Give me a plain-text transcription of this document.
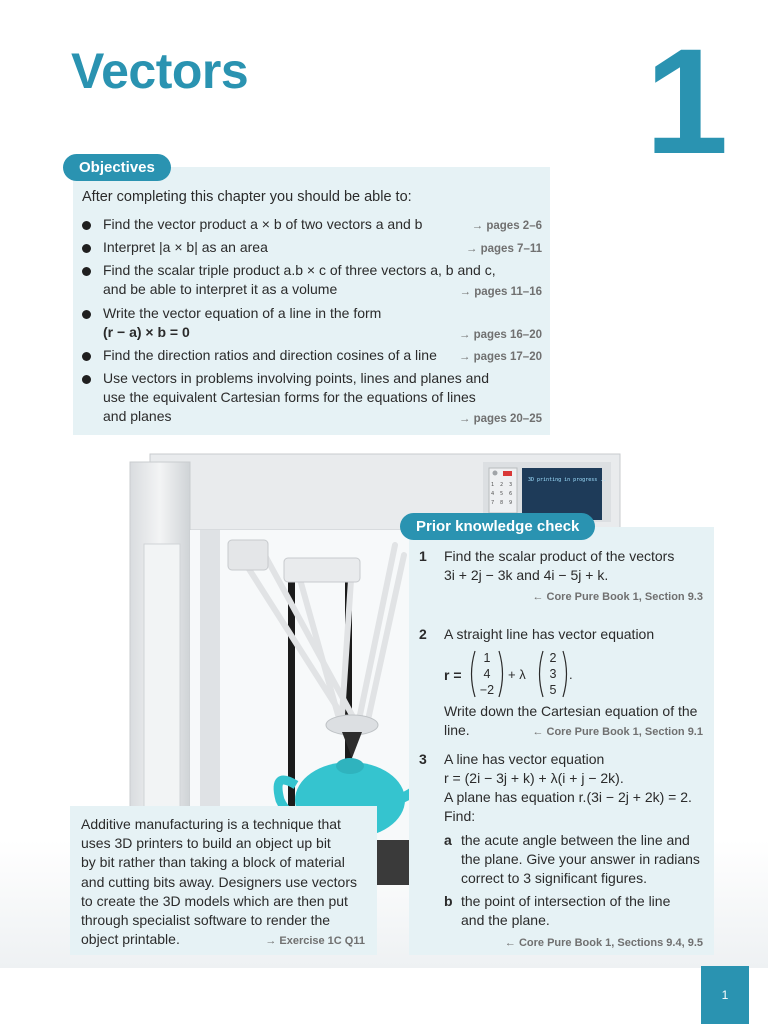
Vectors	1
Objectives
After completing this chapter you should be able to:
Find the vector product a × b of two vectors a and b	→ pages 2–6
Interpret |a × b| as an area	→ pages 7–11
Find the scalar triple product a.b × c of three vectors a, b and c,
and be able to interpret it as a volume	→ pages 11–16
Write the vector equation of a line in the form
(r − a) × b = 0	→ pages 16–20
Find the direction ratios and direction cosines of a line	→ pages 17–20
Use vectors in problems involving points, lines and planes and
use the equivalent Cartesian forms for the equations of lines
and planes	→ pages 20–25
3D printing in progress ..
1 2 3
4 5 6
7 8 9
Prior knowledge check
1 Find the scalar product of the vectors
3i + 2j − 3k and 4i − 5j + k.
← Core Pure Book 1, Section 9.3
2 A straight line has vector equation
r =
1
4
−2
+ λ
2
3
5
.
Write down the Cartesian equation of the
line.	← Core Pure Book 1, Section 9.1
3 A line has vector equation
r = (2i − 3j + k) + λ(i + j − 2k).
A plane has equation r.(3i − 2j + 2k) = 2.
Find:
a the acute angle between the line and
the plane. Give your answer in radians
correct to 3 significant figures.
b the point of intersection of the line
and the plane.
← Core Pure Book 1, Sections 9.4, 9.5
Additive manufacturing is a technique that
uses 3D printers to build an object up bit
by bit rather than taking a block of material
and cutting bits away. Designers use vectors
to create the 3D models which are then put
through specialist software to render the
object printable.	→ Exercise 1C Q11
1
